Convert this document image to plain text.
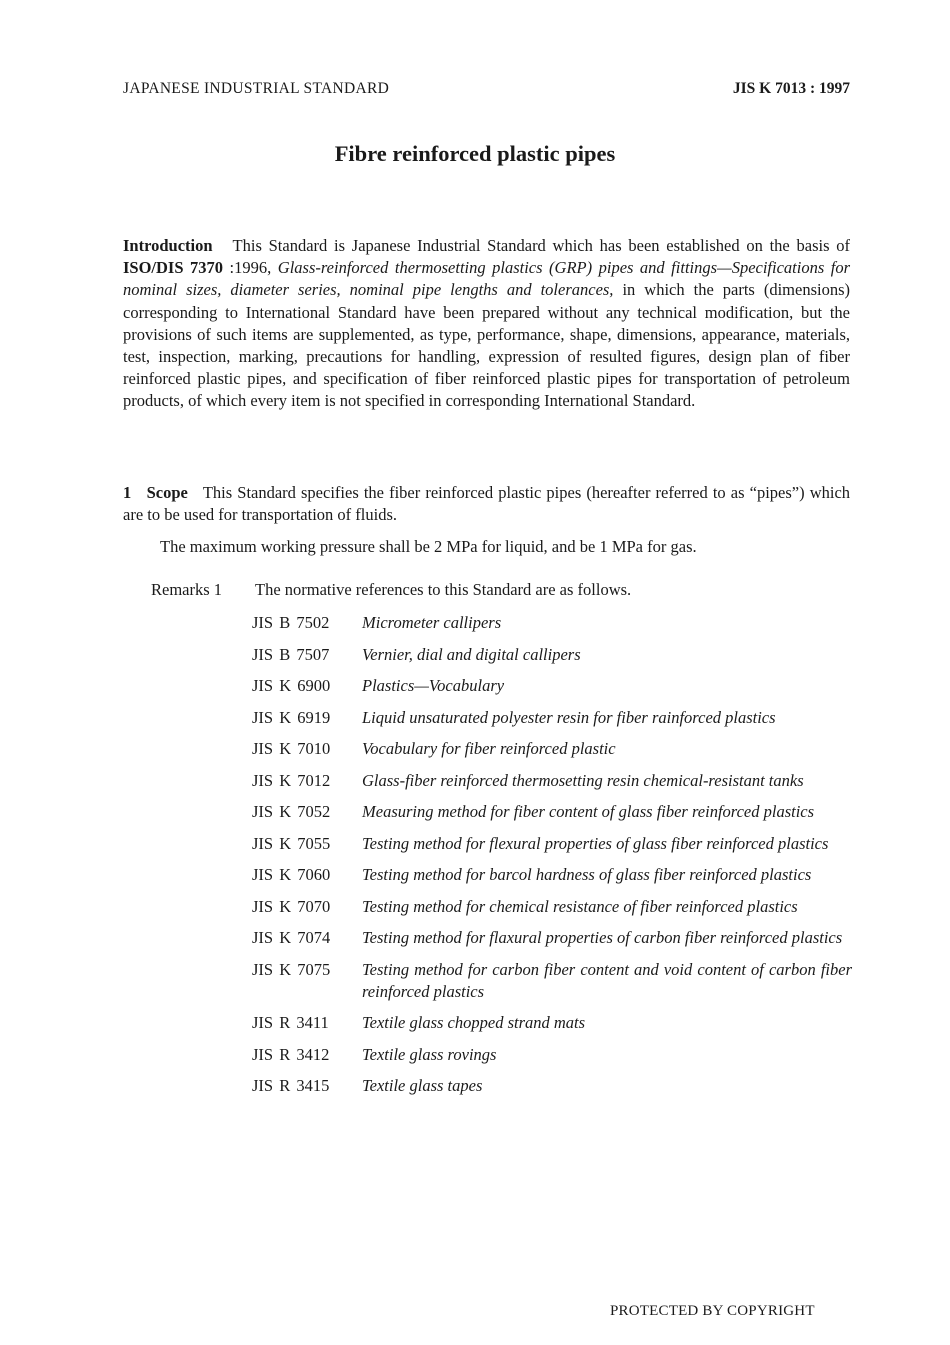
JAPANESE INDUSTRIAL STANDARD	JIS K 7013 : 1997
Fibre reinforced plastic pipes
Introduction This Standard is Japanese Industrial Standard which has been established on the basis of ISO/DIS 7370 :1996, Glass-reinforced thermosetting plastics (GRP) pipes and fittings—Specifications for nominal sizes, diameter series, nominal pipe lengths and tolerances, in which the parts (dimensions) corresponding to International Standard have been prepared without any technical modification, but the provisions of such items are supplemented, as type, performance, shape, dimensions, appearance, materials, test, inspection, marking, precautions for handling, expression of resulted figures, design plan of fiber reinforced plastic pipes, and specification of fiber reinforced plastic pipes for transportation of petroleum products, of which every item is not specified in corresponding International Standard.
1 Scope This Standard specifies the fiber reinforced plastic pipes (hereafter referred to as “pipes”) which are to be used for transportation of fluids.
The maximum working pressure shall be 2 MPa for liquid, and be 1 MPa for gas.
Remarks 1 The normative references to this Standard are as follows.
JIS B 7502	Micrometer callipers
JIS B 7507	Vernier, dial and digital callipers
JIS K 6900	Plastics—Vocabulary
JIS K 6919	Liquid unsaturated polyester resin for fiber rainforced plastics
JIS K 7010	Vocabulary for fiber reinforced plastic
JIS K 7012	Glass-fiber reinforced thermosetting resin chemical-resistant tanks
JIS K 7052	Measuring method for fiber content of glass fiber reinforced plastics
JIS K 7055	Testing method for flexural properties of glass fiber reinforced plastics
JIS K 7060	Testing method for barcol hardness of glass fiber reinforced plastics
JIS K 7070	Testing method for chemical resistance of fiber reinforced plastics
JIS K 7074	Testing method for flaxural properties of carbon fiber reinforced plastics
JIS K 7075	Testing method for carbon fiber content and void content of carbon fiber reinforced plastics
JIS R 3411	Textile glass chopped strand mats
JIS R 3412	Textile glass rovings
JIS R 3415	Textile glass tapes
PROTECTED BY COPYRIGHT
